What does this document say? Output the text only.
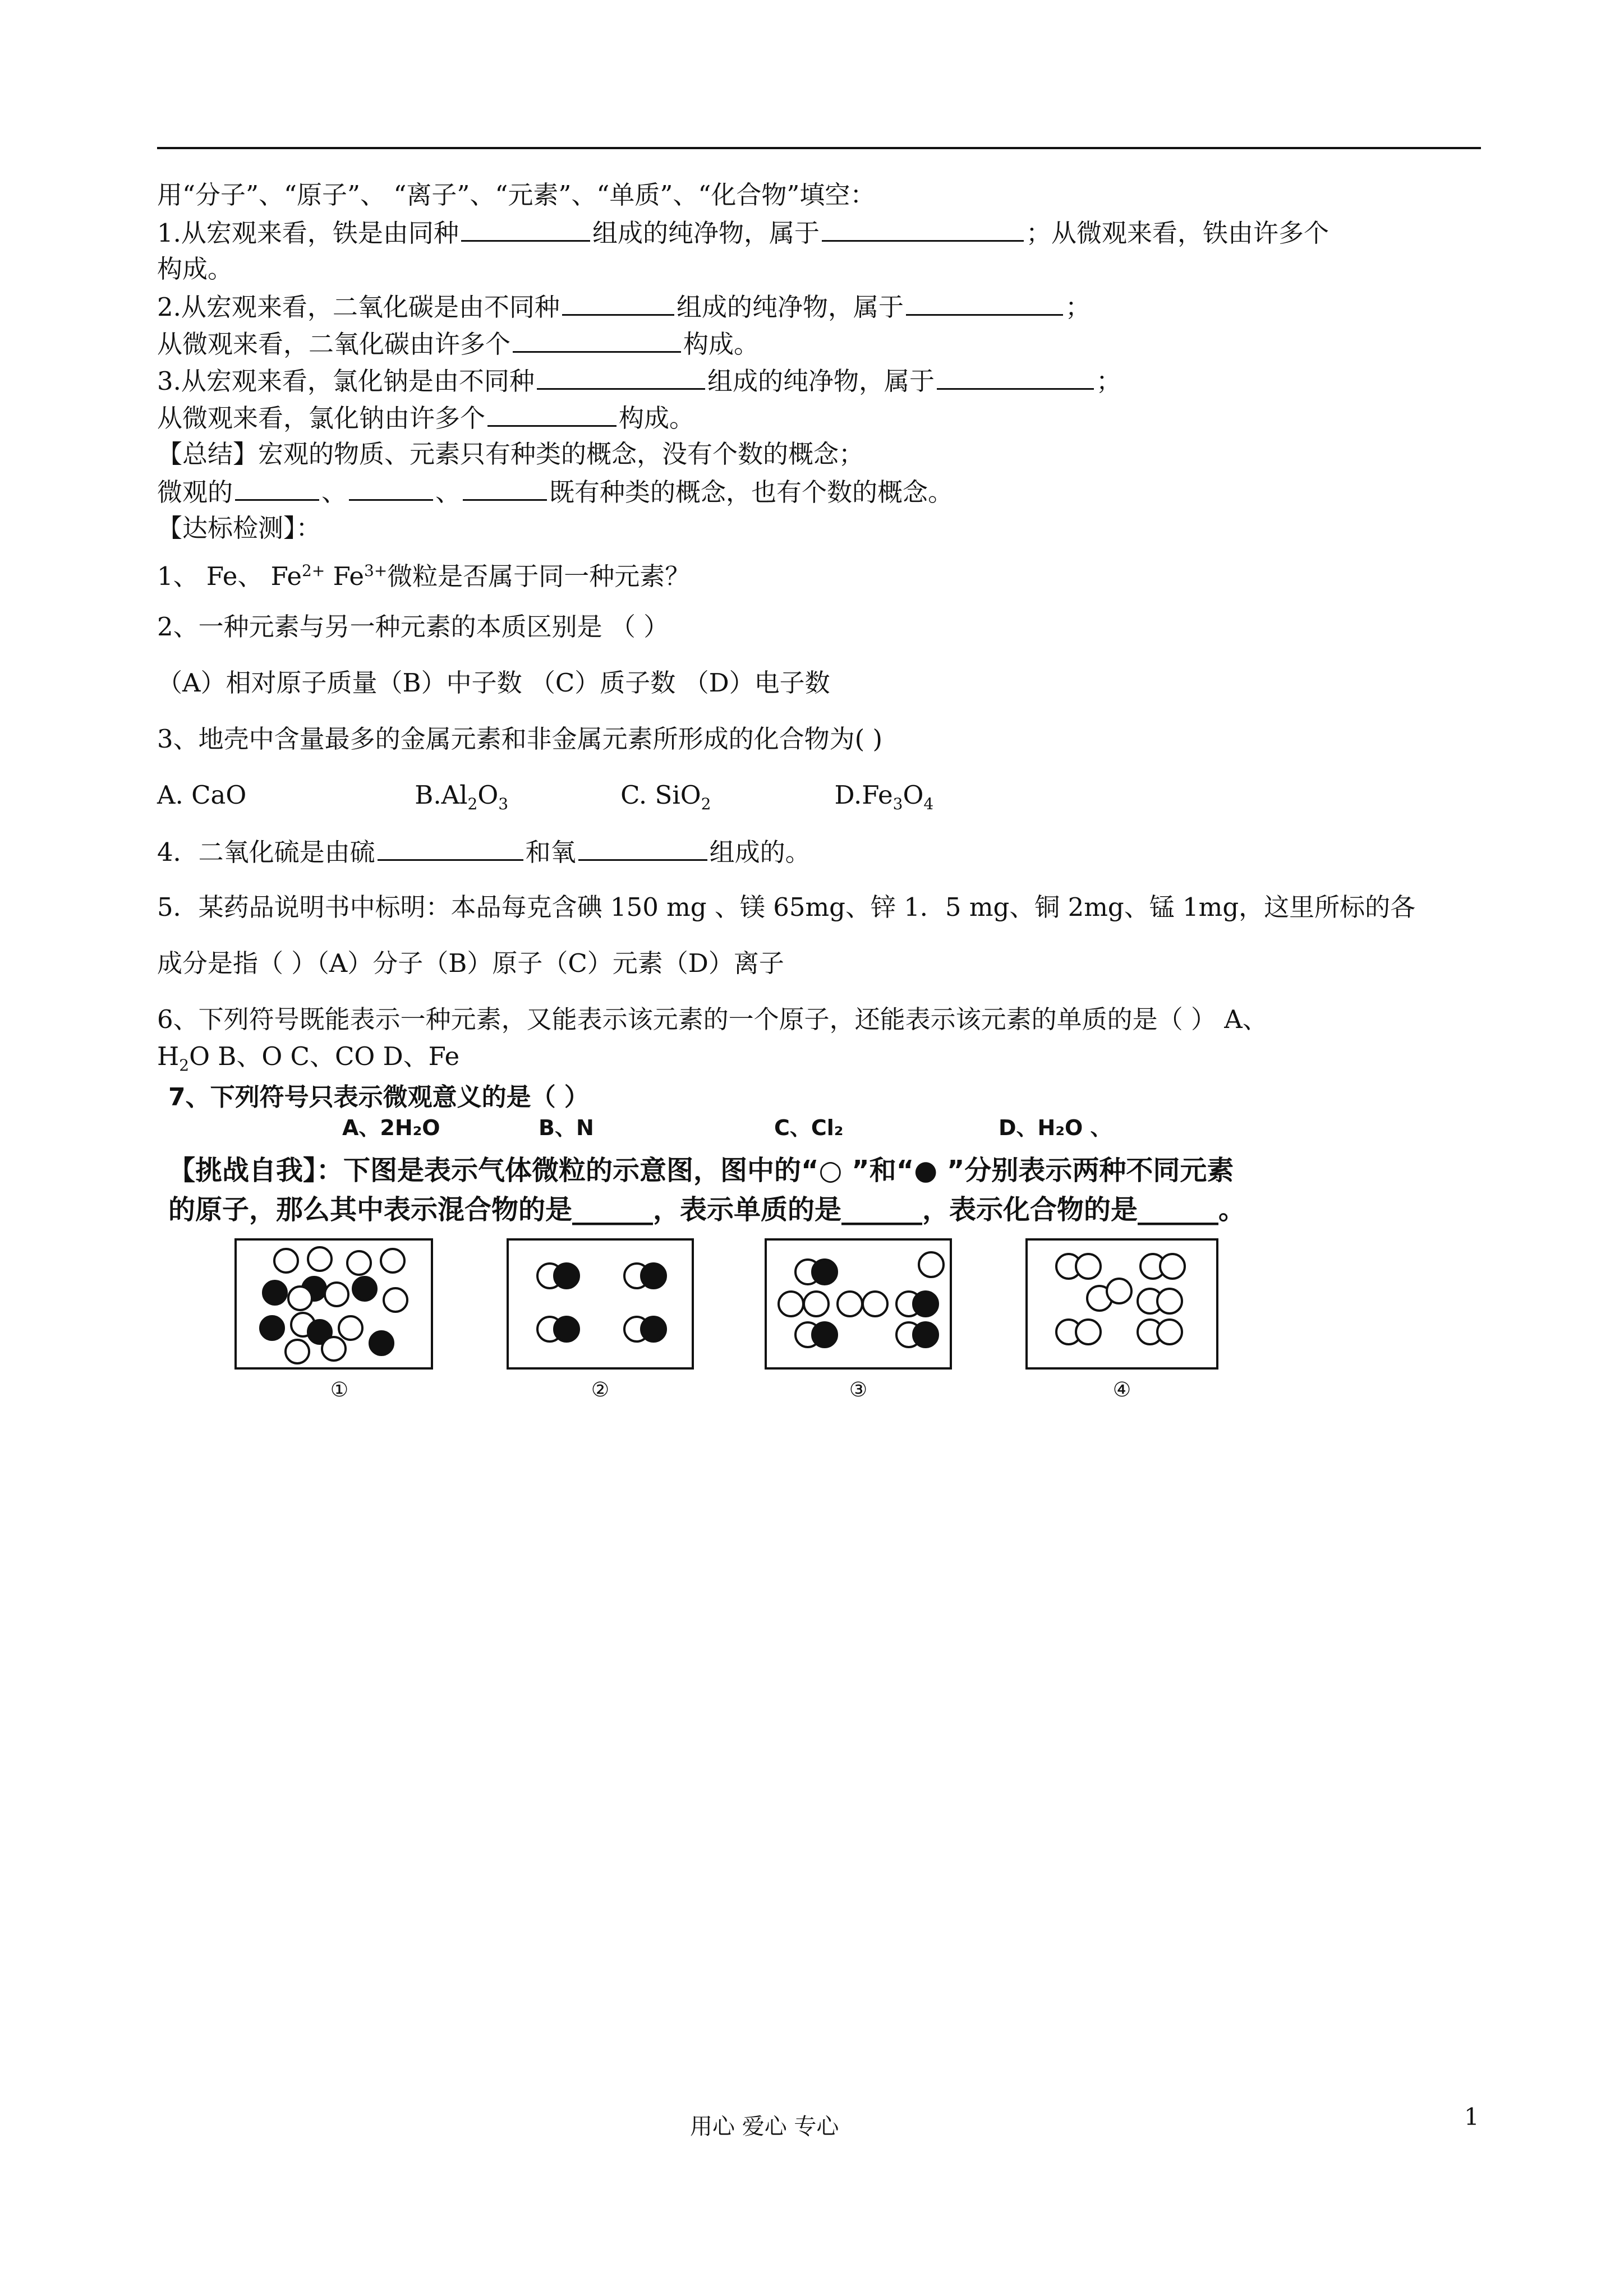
用“分子”、“原子”、 “离子”、“元素”、“单质”、“化合物”填空：
1.从宏观来看，铁是由同种	组成的纯净物，属于	；从微观来看，铁由许多个
构成。
2.从宏观来看，二氧化碳是由不同种	组成的纯净物，属于	；
从微观来看，二氧化碳由许多个	构成。
3.从宏观来看，氯化钠是由不同种	组成的纯净物，属于	；
从微观来看，氯化钠由许多个	构成。
【总结】宏观的物质、元素只有种类的概念，没有个数的概念；
微观的	、	、	既有种类的概念，也有个数的概念。
【达标检测】：
1、 Fe、 $Fe^{2+}$ $Fe^{3+}$微粒是否属于同一种元素？
2、一种元素与另一种元素的本质区别是 （ ）
（A）相对原子质量（B）中子数 （C）质子数 （D）电子数
3、地壳中含量最多的金属元素和非金属元素所形成的化合物为( )
A. CaO	$B.Al_2O_3$	C. SiO$_2$	$D.Fe_3O_4$
4．二氧化硫是由硫	和氧	组成的。
5．某药品说明书中标明：本品每克含碘 150 mg 、镁 65mg、锌 1．5 mg、铜 2mg、锰 1mg，这里所标的各
成分是指（ ）（A）分子（B）原子（C）元素（D）离子
6、下列符号既能表示一种元素，又能表示该元素的一个原子，还能表示该元素的单质的是（ ） A、
$H_2O$ B、O C、CO D、Fe
7、下列符号只表示微观意义的是（ ）
A、2H₂O	B、N	C、Cl₂	D、H₂O 、
【挑战自我】：下图是表示气体微粒的示意图，图中的“○ ”和“● ”分别表示两种不同元素
的原子，那么其中表示混合物的是______，表示单质的是______，表示化合物的是______。
①	②	③	④
用心 爱心 专心	1
